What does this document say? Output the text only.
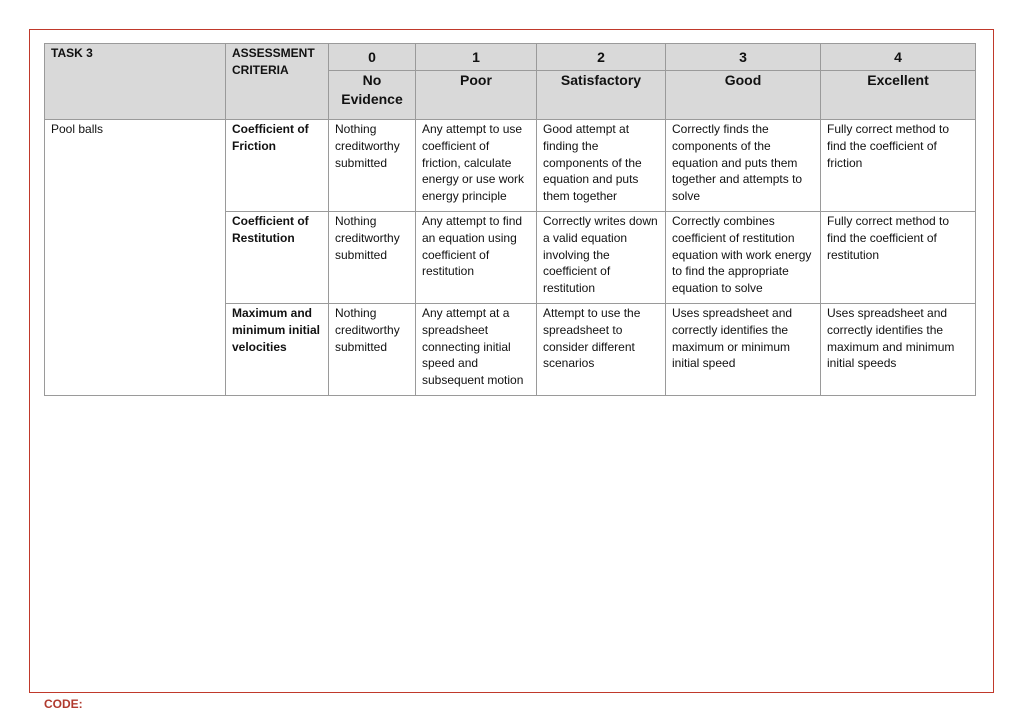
TASK 3	ASSESSMENT CRITERIA	0	1	2	3	4
		No Evidence	Poor	Satisfactory	Good	Excellent
Pool balls	Coefficient of Friction	Nothing creditworthy submitted	Any attempt to use coefficient of friction, calculate energy or use work energy principle	Good attempt at finding the components of the equation and puts them together	Correctly finds the components of the equation and puts them together and attempts to solve	Fully correct method to find the coefficient of friction
	Coefficient of Restitution	Nothing creditworthy submitted	Any attempt to find an equation using coefficient of restitution	Correctly writes down a valid equation involving the coefficient of restitution	Correctly combines coefficient of restitution equation with work energy to find the appropriate equation to solve	Fully correct method to find the coefficient of restitution
	Maximum and minimum initial velocities	Nothing creditworthy submitted	Any attempt at a spreadsheet connecting initial speed and subsequent motion	Attempt to use the spreadsheet to consider different scenarios	Uses spreadsheet and correctly identifies the maximum or minimum initial speed	Uses spreadsheet and correctly identifies the maximum and minimum initial speeds
CODE:
